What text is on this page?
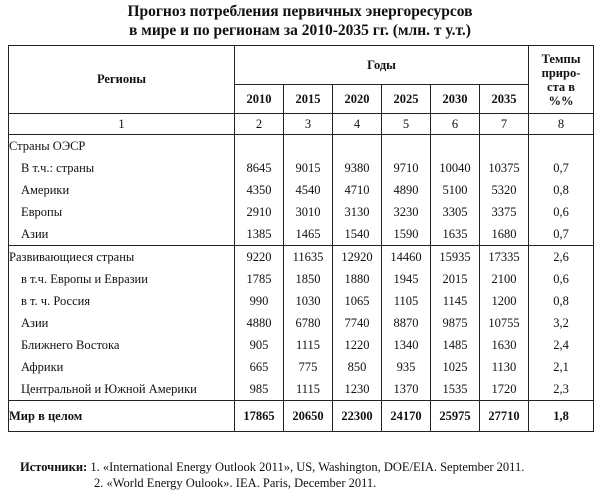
Прогноз потребления первичных энергоресурсов
в мире и по регионам за 2010-2035 гг. (млн. т у.т.)
Регионы	Годы						Темпы
приро-
ста в
%%

	2010	2015	2020	2025	2030	2035	
1	2	3	4	5	6	7	8
Страны ОЭСР							
В т.ч.: страны	8645	9015	9380	9710	10040	10375	0,7
Америки	4350	4540	4710	4890	5100	5320	0,8
Европы	2910	3010	3130	3230	3305	3375	0,6
Азии	1385	1465	1540	1590	1635	1680	0,7
Развивающиеся страны	9220	11635	12920	14460	15935	17335	2,6
в т.ч. Европы и Евразии	1785	1850	1880	1945	2015	2100	0,6
в т. ч. Россия	990	1030	1065	1105	1145	1200	0,8
Азии	4880	6780	7740	8870	9875	10755	3,2
Ближнего Востока	905	1115	1220	1340	1485	1630	2,4
Африки	665	775	850	935	1025	1130	2,1
Центральной и Южной Америки	985	1115	1230	1370	1535	1720	2,3
Мир в целом	17865	20650	22300	24170	25975	27710	1,8
Источники: 1. «International Energy Outlook 2011», US, Washington, DOE/EIA. September 2011.
2. «World Energy Oulook». IEA. Paris, December 2011.
